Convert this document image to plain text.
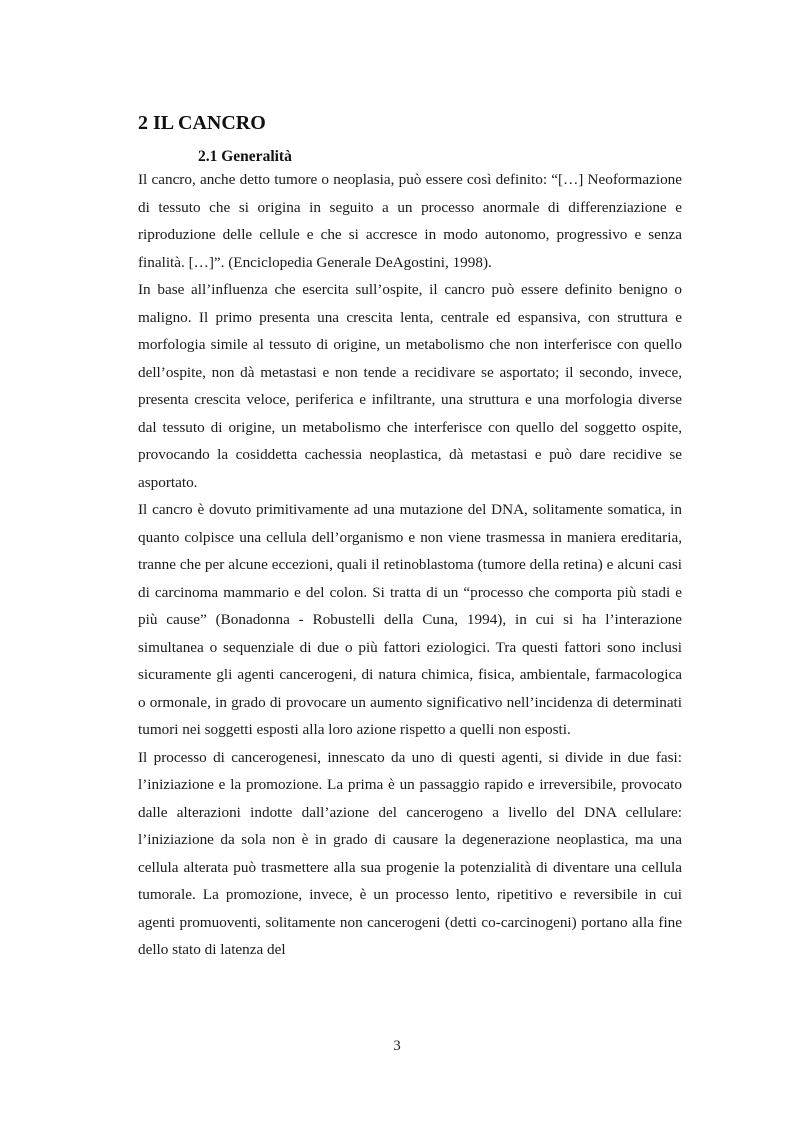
2 IL CANCRO
2.1 Generalità

Il cancro, anche detto tumore o neoplasia, può essere così definito: “[…] Neoformazione di tessuto che si origina in seguito a un processo anormale di differenziazione e riproduzione delle cellule e che si accresce in modo autonomo, progressivo e senza finalità. […]”. (Enciclopedia Generale DeAgostini, 1998).

In base all’influenza che esercita sull’ospite, il cancro può essere definito benigno o maligno. Il primo presenta una crescita lenta, centrale ed espansiva, con struttura e morfologia simile al tessuto di origine, un metabolismo che non interferisce con quello dell’ospite, non dà metastasi e non tende a recidivare se asportato; il secondo, invece, presenta crescita veloce, periferica e infiltrante, una struttura e una morfologia diverse dal tessuto di origine, un metabolismo che interferisce con quello del soggetto ospite, provocando la cosiddetta cachessia neoplastica, dà metastasi e può dare recidive se asportato.

Il cancro è dovuto primitivamente ad una mutazione del DNA, solitamente somatica, in quanto colpisce una cellula dell’organismo e non viene trasmessa in maniera ereditaria, tranne che per alcune eccezioni, quali il retinoblastoma (tumore della retina) e alcuni casi di carcinoma mammario e del colon. Si tratta di un “processo che comporta più stadi e più cause” (Bonadonna - Robustelli della Cuna, 1994), in cui si ha l’interazione simultanea o sequenziale di due o più fattori eziologici. Tra questi fattori sono inclusi sicuramente gli agenti cancerogeni, di natura chimica, fisica, ambientale, farmacologica o ormonale, in grado di provocare un aumento significativo nell’incidenza di determinati tumori nei soggetti esposti alla loro azione rispetto a quelli non esposti.

Il processo di cancerogenesi, innescato da uno di questi agenti, si divide in due fasi: l’iniziazione e la promozione. La prima è un passaggio rapido e irreversibile, provocato dalle alterazioni indotte dall’azione del cancerogeno a livello del DNA cellulare: l’iniziazione da sola non è in grado di causare la degenerazione neoplastica, ma una cellula alterata può trasmettere alla sua progenie la potenzialità di diventare una cellula tumorale. La promozione, invece, è un processo lento, ripetitivo e reversibile in cui agenti promuoventi, solitamente non cancerogeni (detti co-carcinogeni) portano alla fine dello stato di latenza del

3
